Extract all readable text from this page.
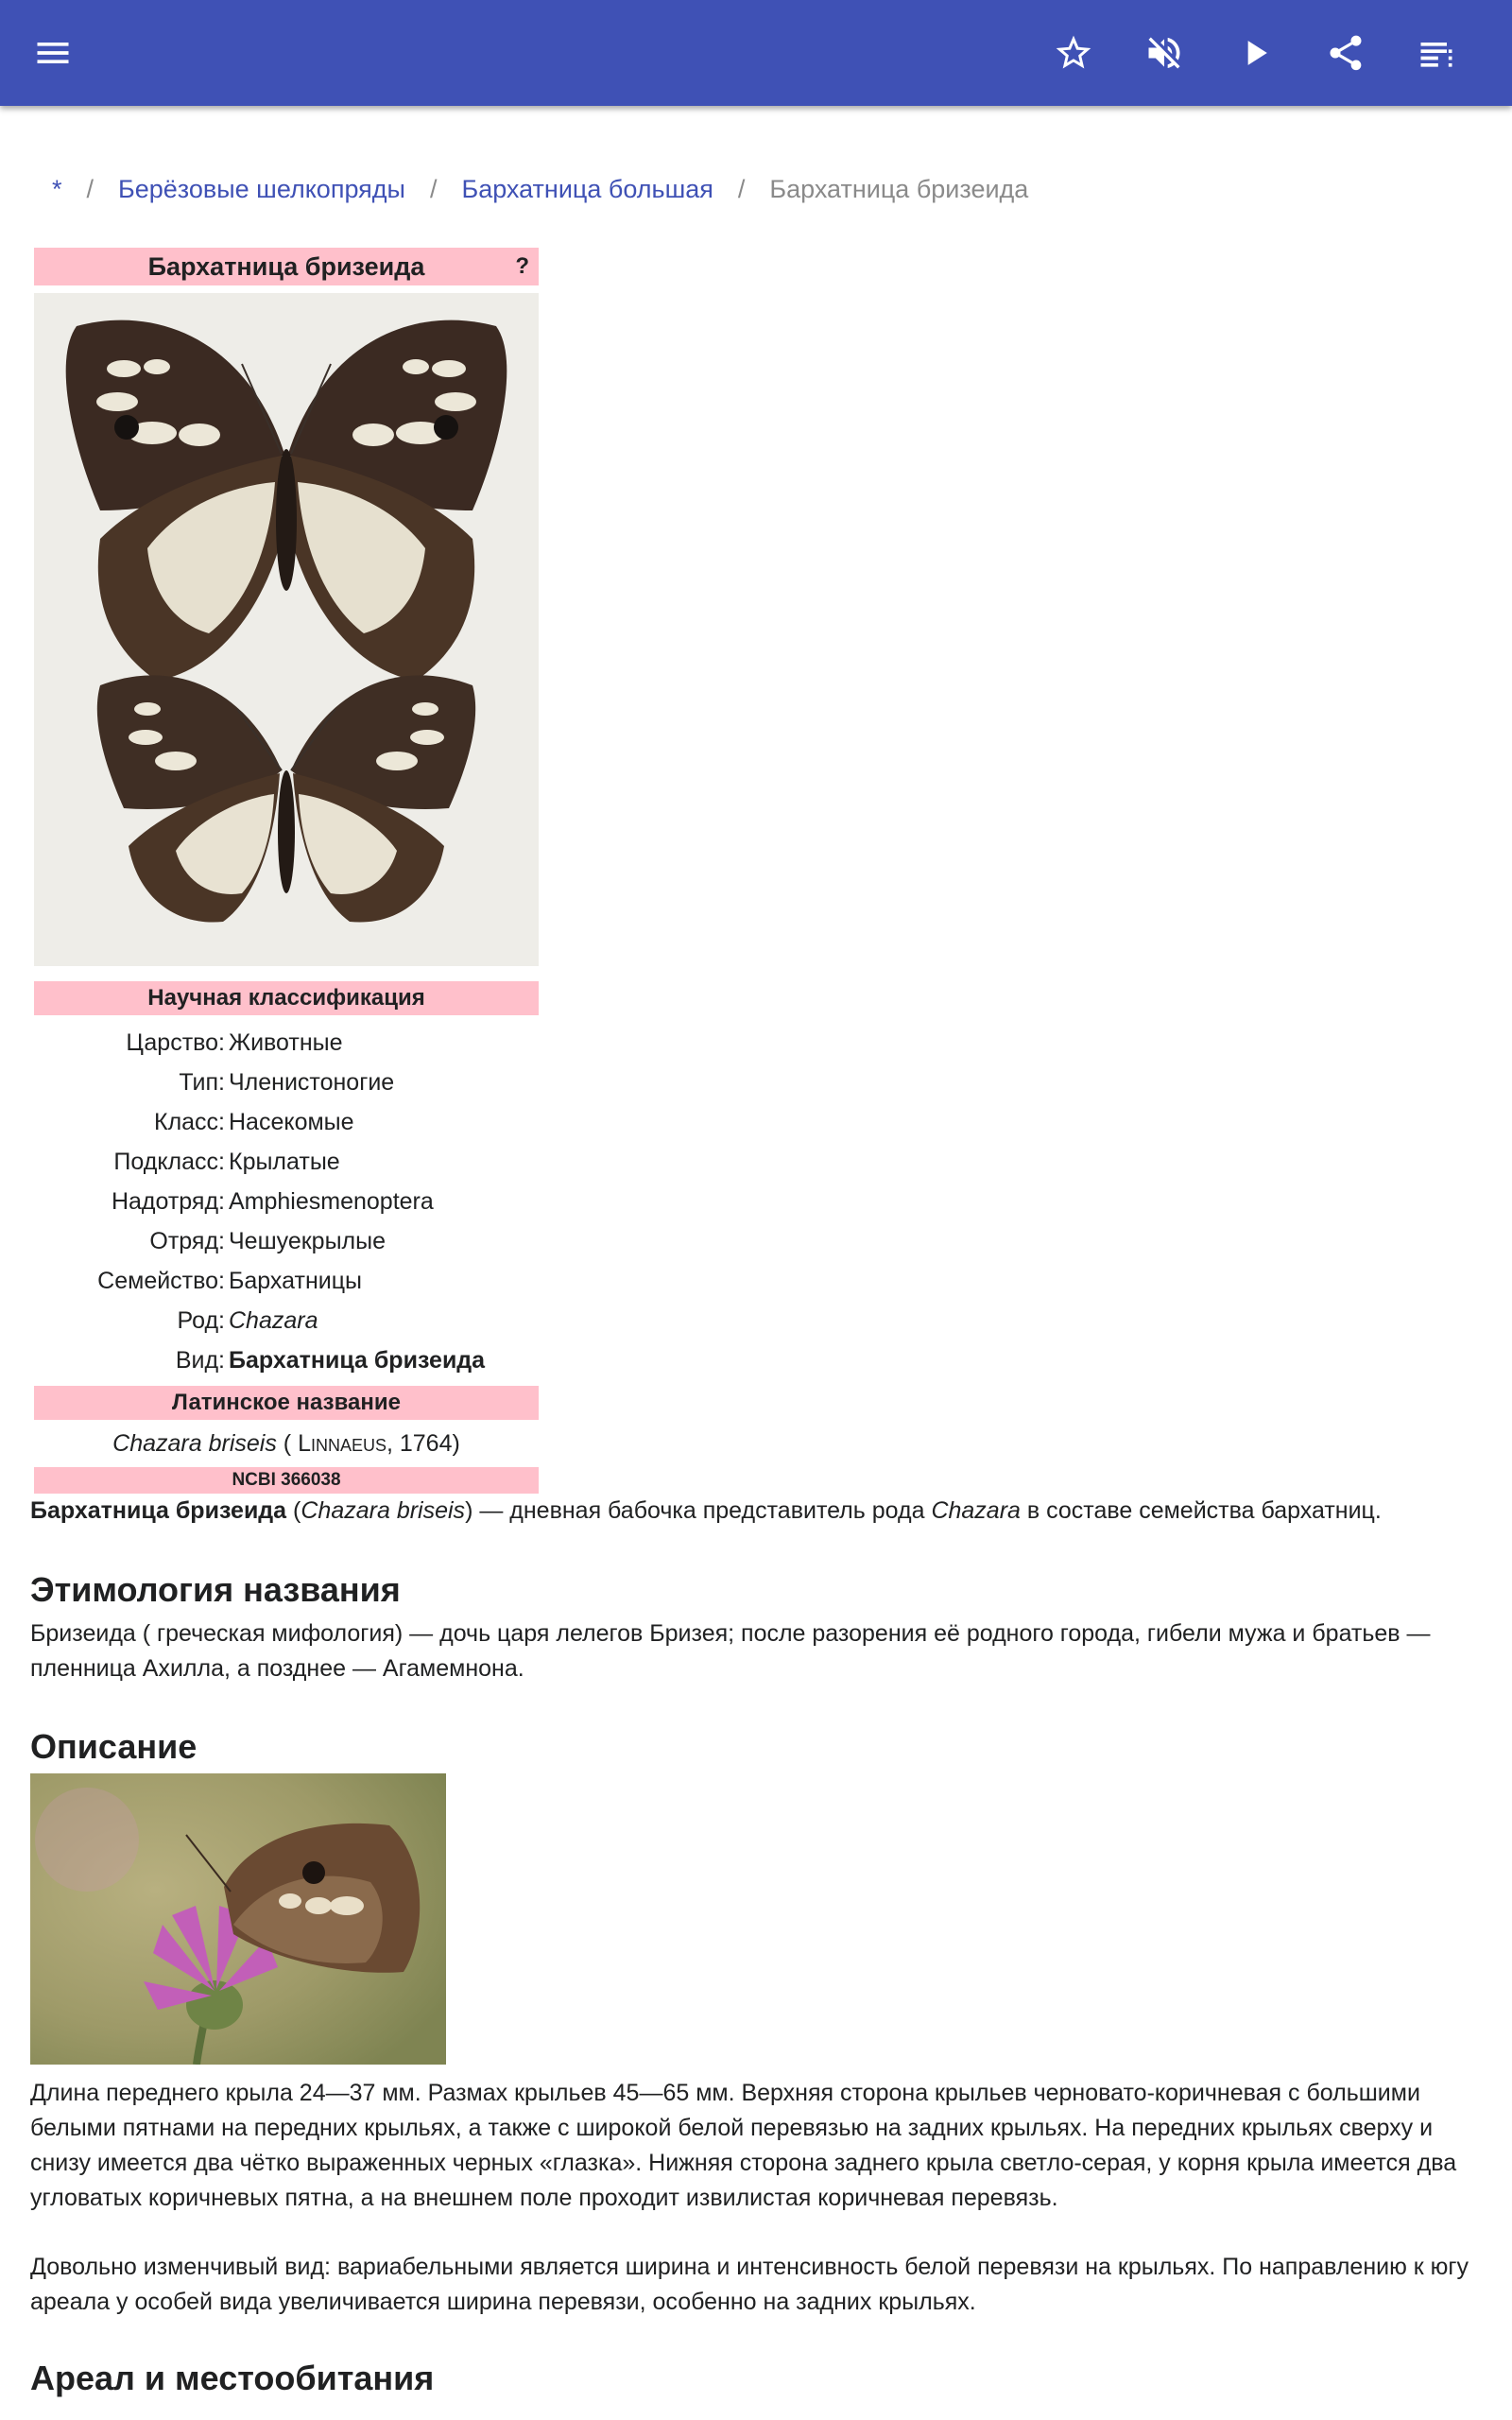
* / Берёзовые шелкопряды / Бархатница большая / Бархатница бризеида
Бархатница бризеида	?
Научная классификация
Царство: Животные
Тип: Членистоногие
Класс: Насекомые
Подкласс: Крылатые
Надотряд: Amphiesmenoptera
Отряд: Чешуекрылые
Семейство: Бархатницы
Род: Chazara
Вид: Бархатница бризеида
Латинское название
Chazara briseis ( Linnaeus, 1764)
NCBI 366038
Бархатница бризеида (Chazara briseis) — дневная бабочка представитель рода Chazara в составе семейства бархатниц.
Этимология названия
Бризеида ( греческая мифология) — дочь царя лелегов Бризея; после разорения её родного города, гибели мужа и братьев — пленница Ахилла, а позднее — Агамемнона.
Описание
Длина переднего крыла 24—37 мм. Размах крыльев 45—65 мм. Верхняя сторона крыльев черновато-коричневая с большими белыми пятнами на передних крыльях, а также с широкой белой перевязью на задних крыльях. На передних крыльях сверху и снизу имеется два чётко выраженных черных «глазка». Нижняя сторона заднего крыла светло-серая, у корня крыла имеется два угловатых коричневых пятна, а на внешнем поле проходит извилистая коричневая перевязь.
Довольно изменчивый вид: вариабельными является ширина и интенсивность белой перевязи на крыльях. По направлению к югу ареала у особей вида увеличивается ширина перевязи, особенно на задних крыльях.
Ареал и местообитания
